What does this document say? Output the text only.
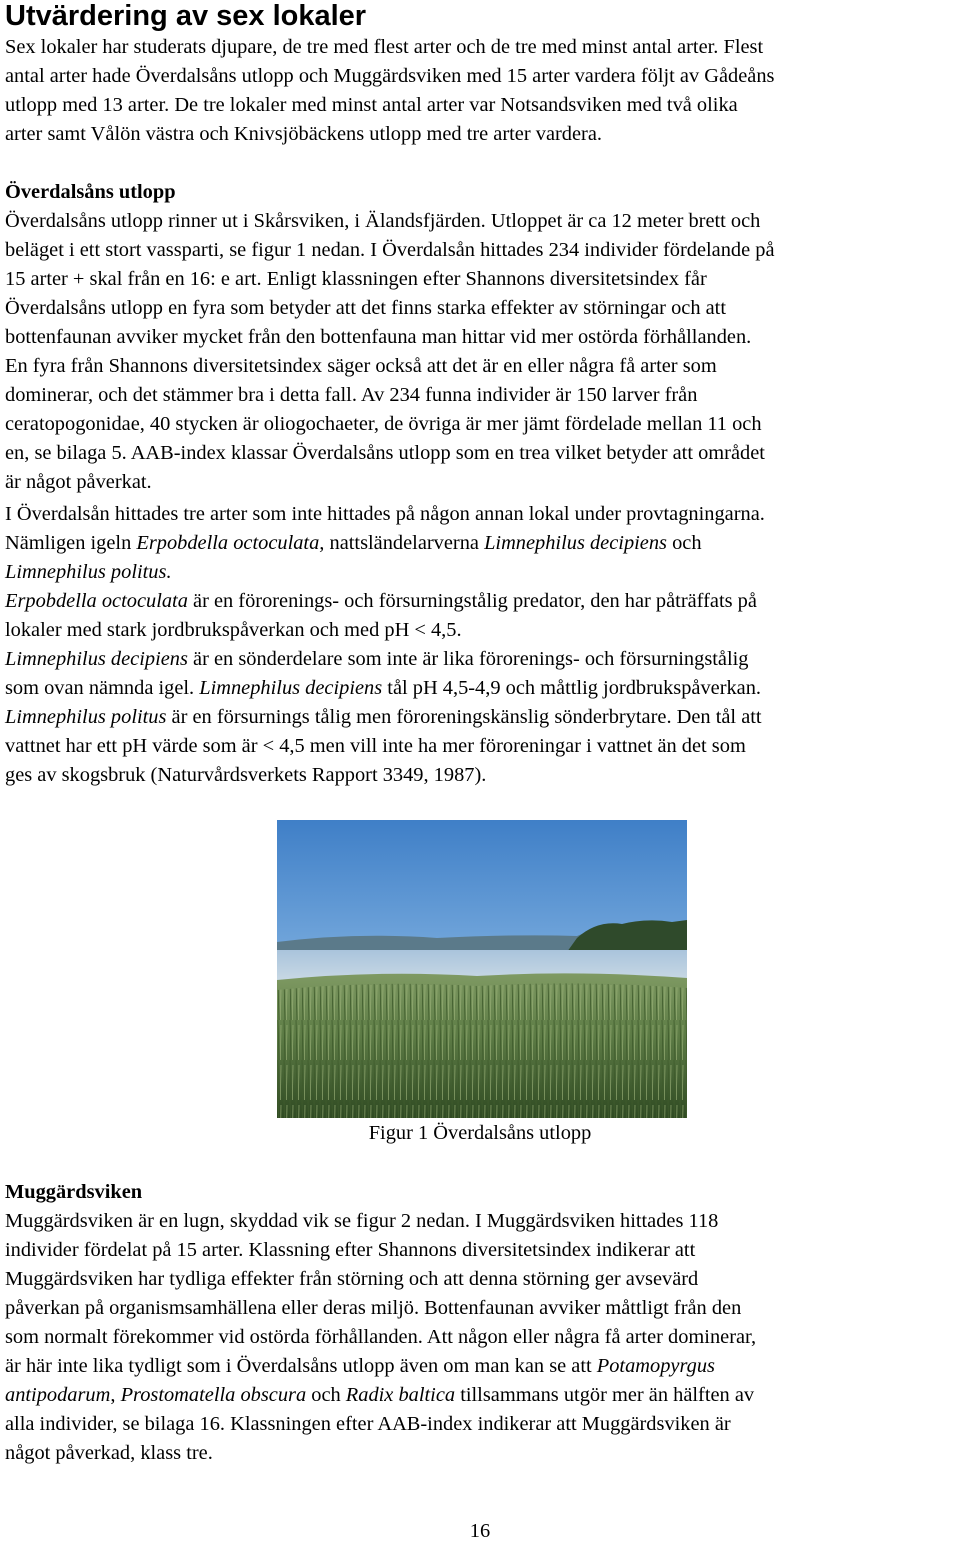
Utvärdering av sex lokaler
Sex lokaler har studerats djupare, de tre med flest arter och de tre med minst antal arter. Flest
antal arter hade Överdalsåns utlopp och Muggärdsviken med 15 arter vardera följt av Gådeåns
utlopp med 13 arter. De tre lokaler med minst antal arter var Notsandsviken med två olika
arter samt Vålön västra och Knivsjöbäckens utlopp med tre arter vardera.
Överdalsåns utlopp
Överdalsåns utlopp rinner ut i Skårsviken, i Älandsfjärden. Utloppet är ca 12 meter brett och
beläget i ett stort vassparti, se figur 1 nedan. I Överdalsån hittades 234 individer fördelande på
15 arter + skal från en 16: e art. Enligt klassningen efter Shannons diversitetsindex får
Överdalsåns utlopp en fyra som betyder att det finns starka effekter av störningar och att
bottenfaunan avviker mycket från den bottenfauna man hittar vid mer ostörda förhållanden.
En fyra från Shannons diversitetsindex säger också att det är en eller några få arter som
dominerar, och det stämmer bra i detta fall. Av 234 funna individer är 150 larver från
ceratopogonidae, 40 stycken är oliogochaeter, de övriga är mer jämt fördelade mellan 11 och
en, se bilaga 5. AAB-index klassar Överdalsåns utlopp som en trea vilket betyder att området
är något påverkat.
I Överdalsån hittades tre arter som inte hittades på någon annan lokal under provtagningarna.
Nämligen igeln Erpobdella octoculata, nattsländelarverna Limnephilus decipiens och
Limnephilus politus.
Erpobdella octoculata är en förorenings- och försurningstålig predator, den har påträffats på
lokaler med stark jordbrukspåverkan och med pH < 4,5.
Limnephilus decipiens är en sönderdelare som inte är lika förorenings- och försurningstålig
som ovan nämnda igel. Limnephilus decipiens tål pH 4,5-4,9 och måttlig jordbrukspåverkan.
Limnephilus politus är en försurnings tålig men föroreningskänslig sönderbrytare. Den tål att
vattnet har ett pH värde som är < 4,5 men vill inte ha mer föroreningar i vattnet än det som
ges av skogsbruk (Naturvårdsverkets Rapport 3349, 1987).
Figur 1 Överdalsåns utlopp
Muggärdsviken
Muggärdsviken är en lugn, skyddad vik se figur 2 nedan. I Muggärdsviken hittades 118
individer fördelat på 15 arter. Klassning efter Shannons diversitetsindex indikerar att
Muggärdsviken har tydliga effekter från störning och att denna störning ger avsevärd
påverkan på organismsamhällena eller deras miljö. Bottenfaunan avviker måttligt från den
som normalt förekommer vid ostörda förhållanden. Att någon eller några få arter dominerar,
är här inte lika tydligt som i Överdalsåns utlopp även om man kan se att Potamopyrgus
antipodarum, Prostomatella obscura och Radix baltica tillsammans utgör mer än hälften av
alla individer, se bilaga 16. Klassningen efter AAB-index indikerar att Muggärdsviken är
något påverkad, klass tre.
16
